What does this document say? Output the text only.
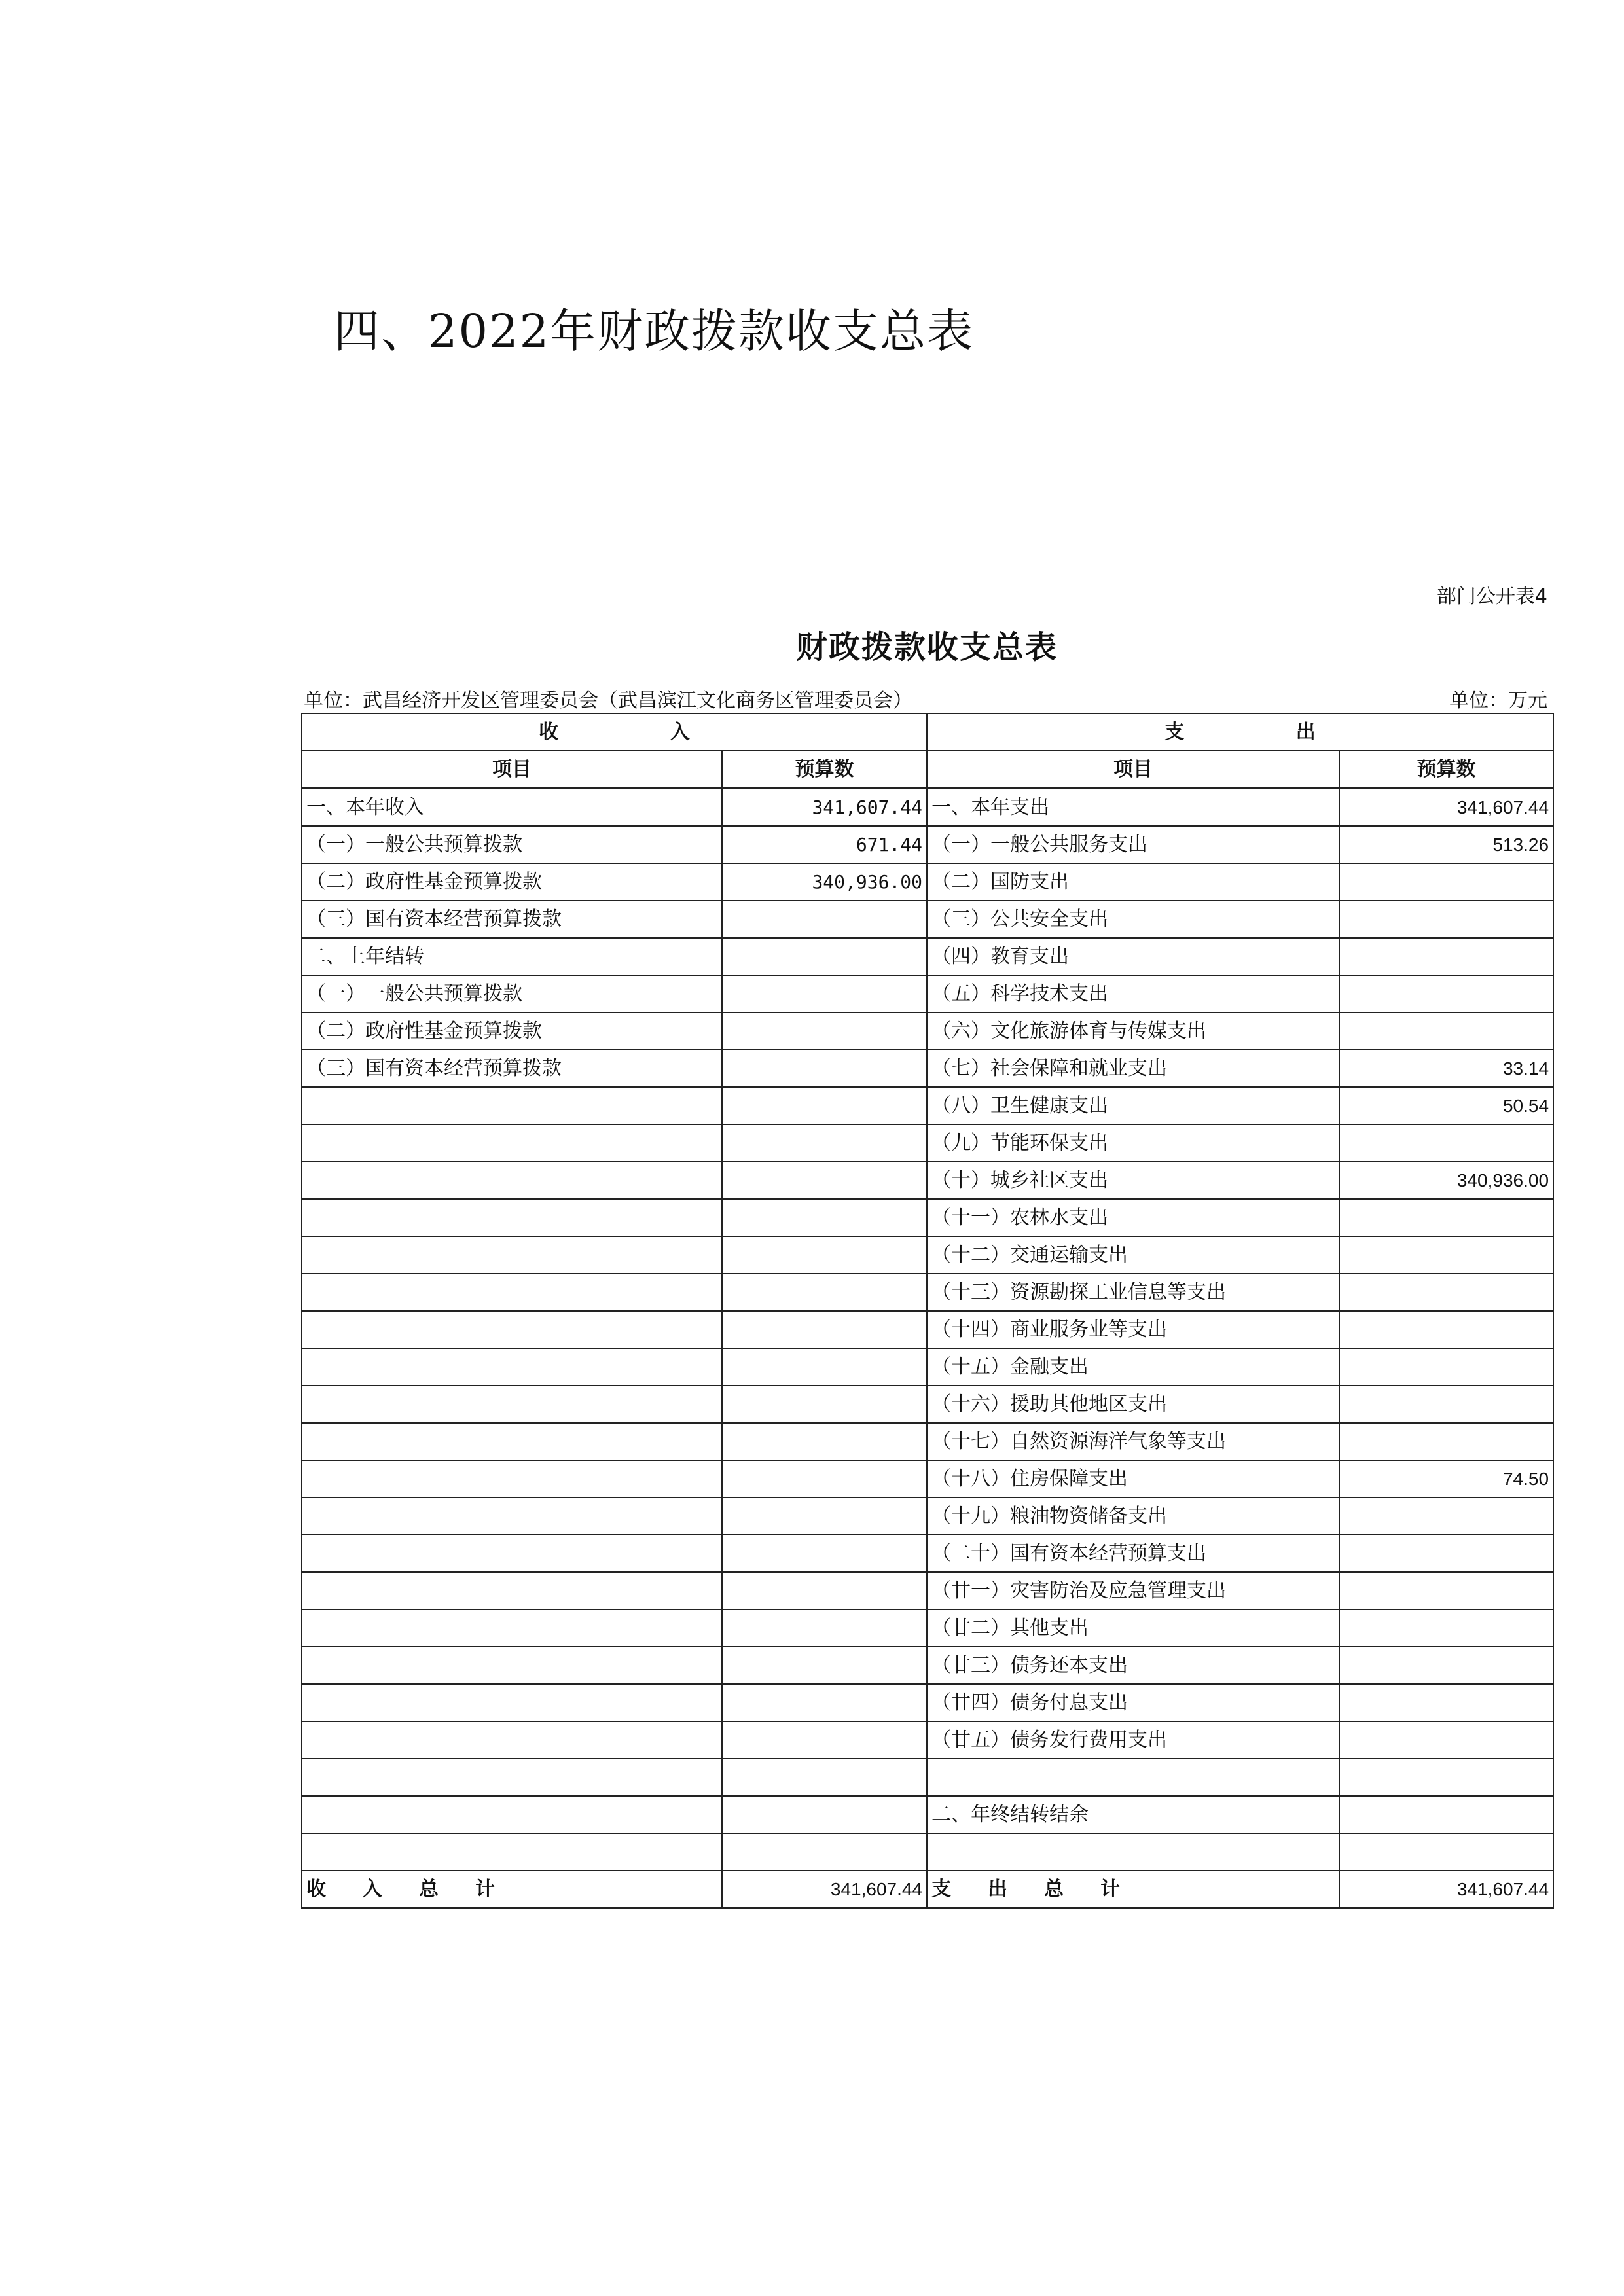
四、2022年财政拨款收支总表
部门公开表4
财政拨款收支总表
单位：武昌经济开发区管理委员会（武昌滨江文化商务区管理委员会）	单位：万元
收 入		支 出	
项目	预算数	项目	预算数
一、本年收入	341,607.44	一、本年支出	341,607.44
（一）一般公共预算拨款	671.44	（一）一般公共服务支出	513.26
（二）政府性基金预算拨款	340,936.00	（二）国防支出	
（三）国有资本经营预算拨款		（三）公共安全支出	
二、上年结转		（四）教育支出	
（一）一般公共预算拨款		（五）科学技术支出	
（二）政府性基金预算拨款		（六）文化旅游体育与传媒支出	
（三）国有资本经营预算拨款		（七）社会保障和就业支出	33.14
		（八）卫生健康支出	50.54
		（九）节能环保支出	
		（十）城乡社区支出	340,936.00
		（十一）农林水支出	
		（十二）交通运输支出	
		（十三）资源勘探工业信息等支出	
		（十四）商业服务业等支出	
		（十五）金融支出	
		（十六）援助其他地区支出	
		（十七）自然资源海洋气象等支出	
		（十八）住房保障支出	74.50
		（十九）粮油物资储备支出	
		（二十）国有资本经营预算支出	
		（廿一）灾害防治及应急管理支出	
		（廿二）其他支出	
		（廿三）债务还本支出	
		（廿四）债务付息支出	
		（廿五）债务发行费用支出	

		二、年终结转结余	

收入总计	341,607.44	支出总计	341,607.44
